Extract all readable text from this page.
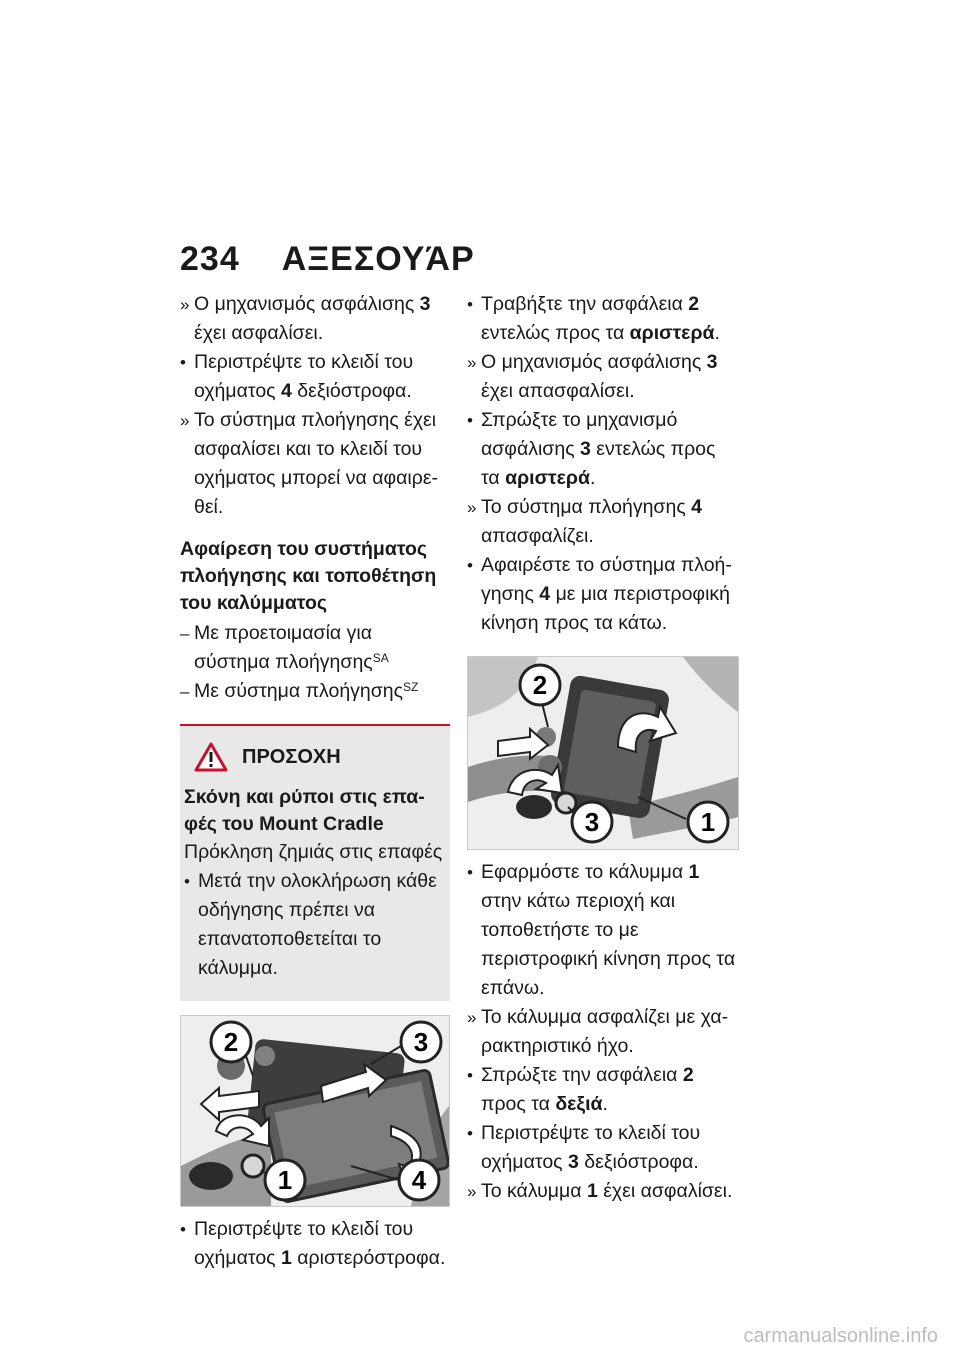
234 ΑΞΕΣΟΥΆΡ
» Ο μηχανισμός ασφάλισης 3 έχει ασφαλίσει.
• Περιστρέψτε το κλειδί του οχήματος 4 δεξιόστροφα.
» Το σύστημα πλοήγησης έχει ασφαλίσει και το κλειδί του οχήματος μπορεί να αφαιρεθεί.
Αφαίρεση του συστήματος πλοήγησης και τοποθέτηση του καλύμματος
– Με προετοιμασία για σύστημα πλοήγησης$^{SA}$
– Με σύστημα πλοήγησης$^{SZ}$
ΠΡΟΣΟΧΗ
Σκόνη και ρύποι στις επαφές του Mount Cradle
Πρόκληση ζημιάς στις επαφές
• Μετά την ολοκλήρωση κάθε οδήγησης πρέπει να επανατοποθετείται το κάλυμμα.
2	3
1	4
• Περιστρέψτε το κλειδί του οχήματος 1 αριστερόστροφα.
• Τραβήξτε την ασφάλεια 2 εντελώς προς τα αριστερά.
» Ο μηχανισμός ασφάλισης 3 έχει απασφαλίσει.
• Σπρώξτε το μηχανισμό ασφάλισης 3 εντελώς προς τα αριστερά.
» Το σύστημα πλοήγησης 4 απασφαλίζει.
• Αφαιρέστε το σύστημα πλοήγησης 4 με μια περιστροφική κίνηση προς τα κάτω.
2
3	1
• Εφαρμόστε το κάλυμμα 1 στην κάτω περιοχή και τοποθετήστε το με περιστροφική κίνηση προς τα επάνω.
» Το κάλυμμα ασφαλίζει με χαρακτηριστικό ήχο.
• Σπρώξτε την ασφάλεια 2 προς τα δεξιά.
• Περιστρέψτε το κλειδί του οχήματος 3 δεξιόστροφα.
» Το κάλυμμα 1 έχει ασφαλίσει.
carmanualsonline.info
